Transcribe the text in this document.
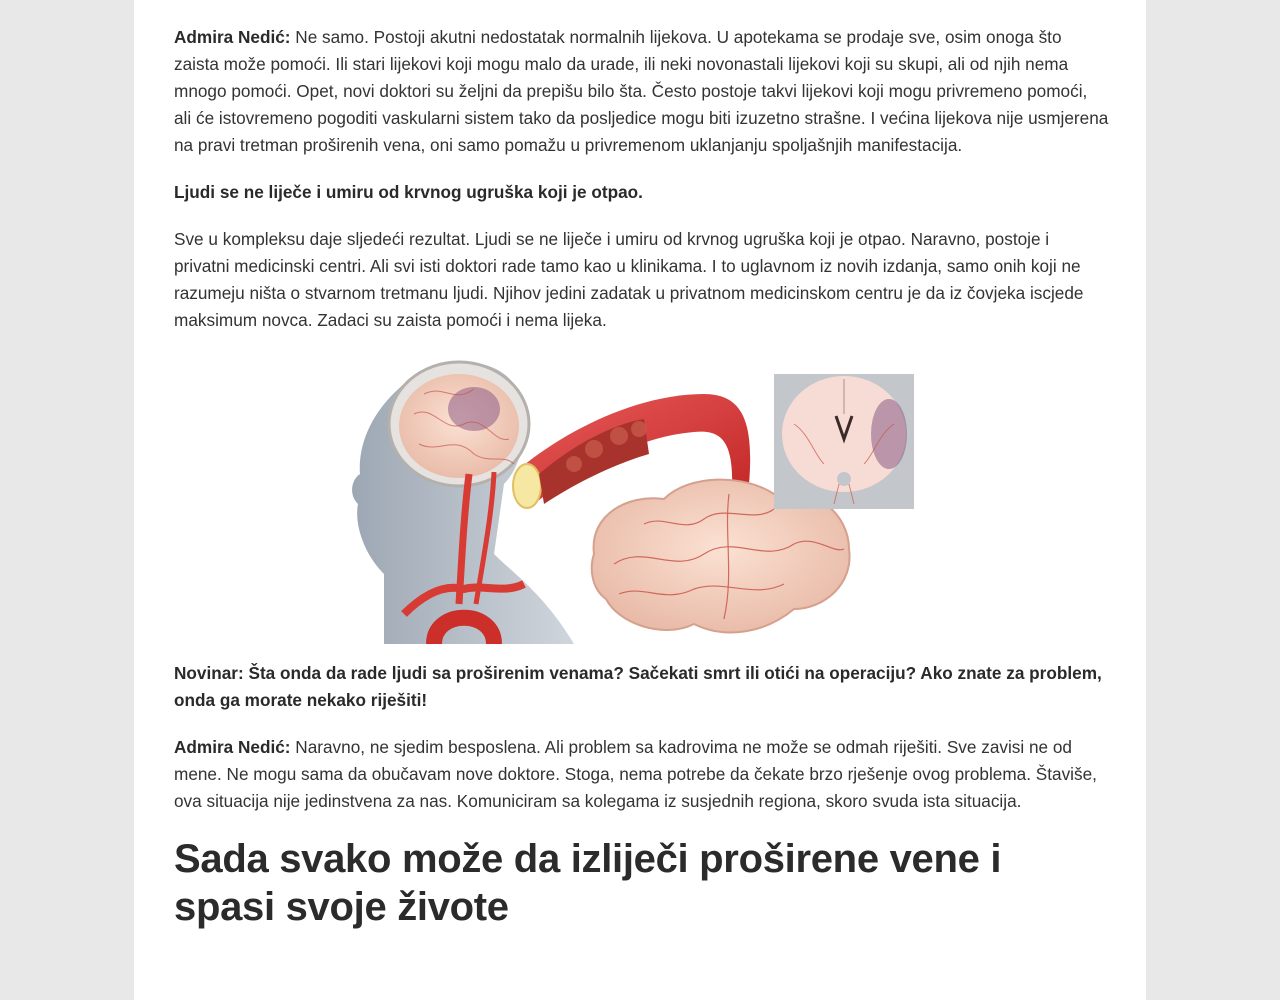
Admira Nedić: Ne samo. Postoji akutni nedostatak normalnih lijekova. U apotekama se prodaje sve, osim onoga što zaista može pomoći. Ili stari lijekovi koji mogu malo da urade, ili neki novonastali lijekovi koji su skupi, ali od njih nema mnogo pomoći. Opet, novi doktori su željni da prepišu bilo šta. Često postoje takvi lijekovi koji mogu privremeno pomoći, ali će istovremeno pogoditi vaskularni sistem tako da posljedice mogu biti izuzetno strašne. I većina lijekova nije usmjerena na pravi tretman proširenih vena, oni samo pomažu u privremenom uklanjanju spoljašnjih manifestacija.

Ljudi se ne liječe i umiru od krvnog ugruška koji je otpao.

Sve u kompleksu daje sljedeći rezultat. Ljudi se ne liječe i umiru od krvnog ugruška koji je otpao. Naravno, postoje i privatni medicinski centri. Ali svi isti doktori rade tamo kao u klinikama. I to uglavnom iz novih izdanja, samo onih koji ne razumeju ništa o stvarnom tretmanu ljudi. Njihov jedini zadatak u privatnom medicinskom centru je da iz čovjeka iscjede maksimum novca. Zadaci su zaista pomoći i nema lijeka.

Novinar: Šta onda da rade ljudi sa proširenim venama? Sačekati smrt ili otići na operaciju? Ako znate za problem, onda ga morate nekako riješiti!

Admira Nedić: Naravno, ne sjedim besposlena. Ali problem sa kadrovima ne može se odmah riješiti. Sve zavisi ne od mene. Ne mogu sama da obučavam nove doktore. Stoga, nema potrebe da čekate brzo rješenje ovog problema. Štaviše, ova situacija nije jedinstvena za nas. Komuniciram sa kolegama iz susjednih regiona, skoro svuda ista situacija.

Sada svako može da izliječi proširene vene i spasi svoje živote
